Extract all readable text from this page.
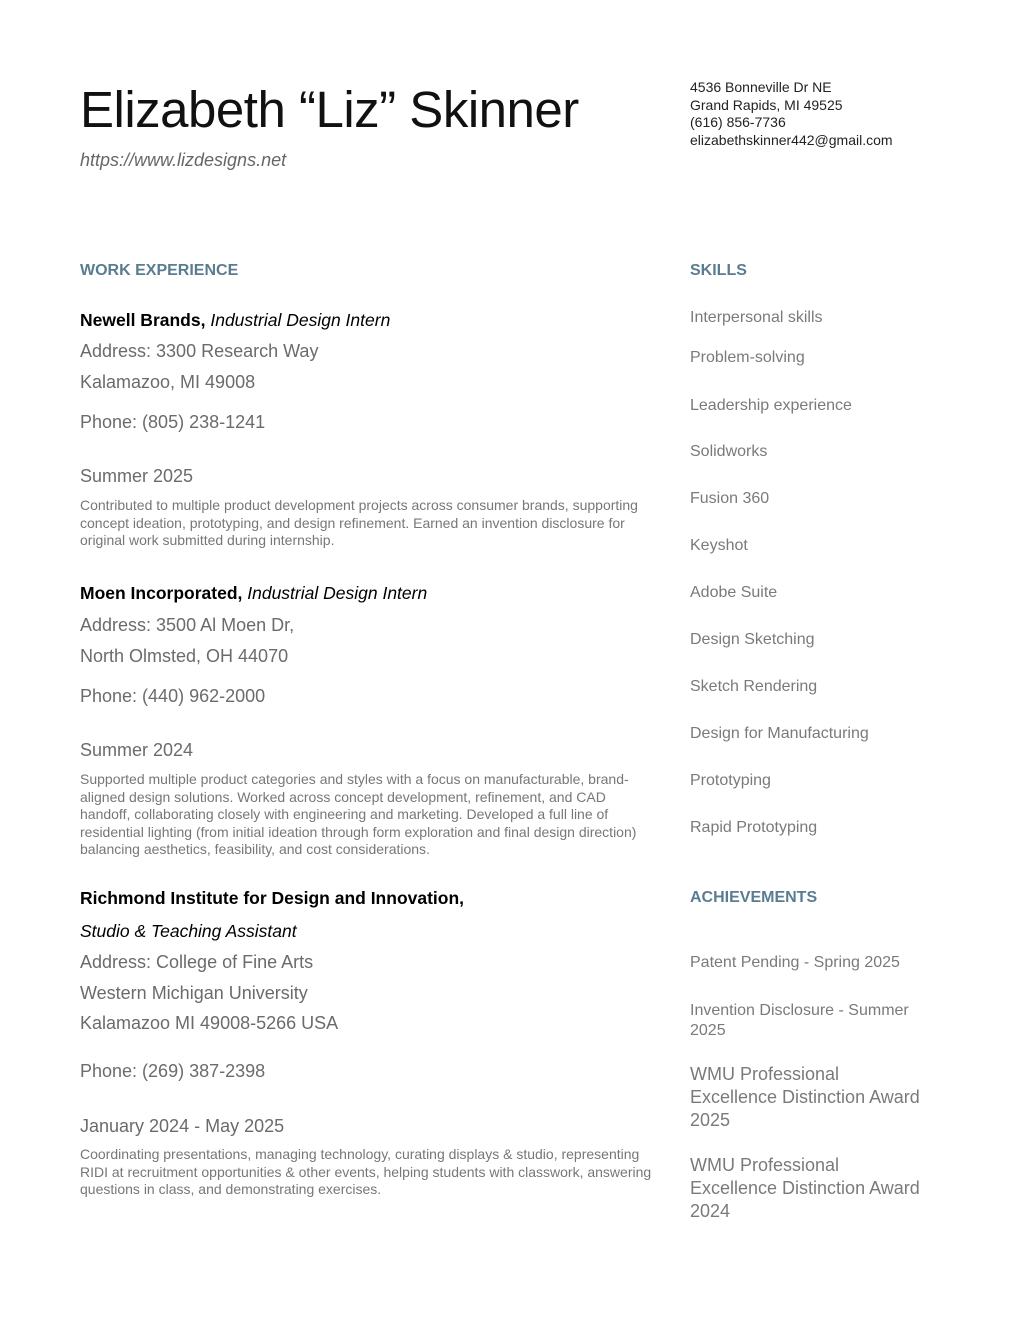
Elizabeth “Liz” Skinner
https://www.lizdesigns.net
4536 Bonneville Dr NE
Grand Rapids, MI 49525
(616) 856-7736
elizabethskinner442@gmail.com
WORK EXPERIENCE
Newell Brands, Industrial Design Intern
Address: 3300 Research Way
Kalamazoo, MI 49008
Phone: (805) 238-1241
Summer 2025
Contributed to multiple product development projects across consumer brands, supporting concept ideation, prototyping, and design refinement. Earned an invention disclosure for original work submitted during internship.
Moen Incorporated, Industrial Design Intern
Address: 3500 Al Moen Dr,
North Olmsted, OH 44070
Phone: (440) 962-2000
Summer 2024
Supported multiple product categories and styles with a focus on manufacturable, brand-aligned design solutions. Worked across concept development, refinement, and CAD handoff, collaborating closely with engineering and marketing. Developed a full line of residential lighting (from initial ideation through form exploration and final design direction) balancing aesthetics, feasibility, and cost considerations.
Richmond Institute for Design and Innovation,
Studio & Teaching Assistant
Address: College of Fine Arts
Western Michigan University
Kalamazoo MI 49008-5266 USA
Phone: (269) 387-2398
January 2024 - May 2025
Coordinating presentations, managing technology, curating displays & studio, representing RIDI at recruitment opportunities & other events, helping students with classwork, answering questions in class, and demonstrating exercises.
SKILLS
Interpersonal skills
Problem-solving
Leadership experience
Solidworks
Fusion 360
Keyshot
Adobe Suite
Design Sketching
Sketch Rendering
Design for Manufacturing
Prototyping
Rapid Prototyping
ACHIEVEMENTS
Patent Pending - Spring 2025
Invention Disclosure - Summer 2025
WMU Professional Excellence Distinction Award 2025
WMU Professional Excellence Distinction Award 2024
